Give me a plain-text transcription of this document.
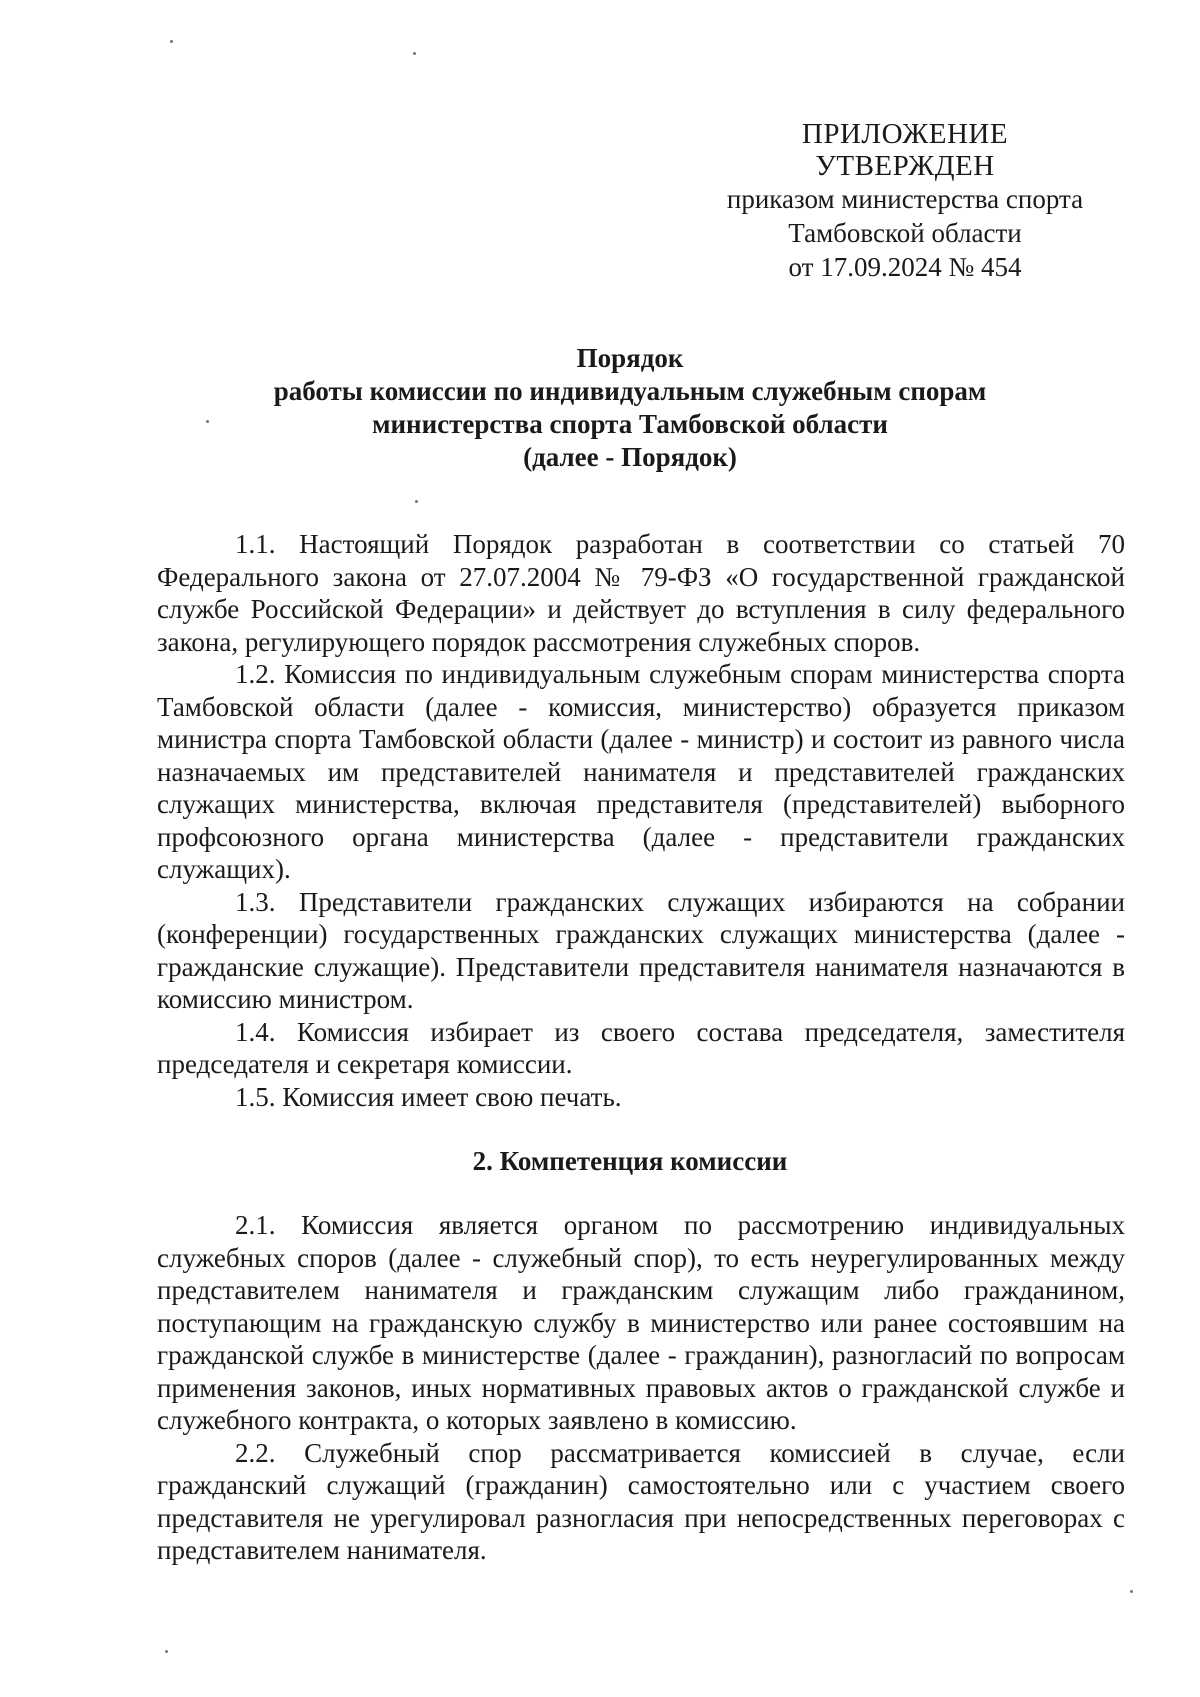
ПРИЛОЖЕНИЕ
УТВЕРЖДЕН
приказом министерства спорта
Тамбовской области
от 17.09.2024 № 454
Порядок
работы комиссии по индивидуальным служебным спорам
министерства спорта Тамбовской области
(далее - Порядок)

1.1. Настоящий Порядок разработан в соответствии со статьей 70 Федерального закона от 27.07.2004 № 79-ФЗ «О государственной гражданской службе Российской Федерации» и действует до вступления в силу федерального закона, регулирующего порядок рассмотрения служебных споров.

1.2. Комиссия по индивидуальным служебным спорам министерства спорта Тамбовской области (далее - комиссия, министерство) образуется приказом министра спорта Тамбовской области (далее - министр) и состоит из равного числа назначаемых им представителей нанимателя и представителей гражданских служащих министерства, включая представителя (представителей) выборного профсоюзного органа министерства (далее - представители гражданских служащих).

1.3. Представители гражданских служащих избираются на собрании (конференции) государственных гражданских служащих министерства (далее - гражданские служащие). Представители представителя нанимателя назначаются в комиссию министром.

1.4. Комиссия избирает из своего состава председателя, заместителя председателя и секретаря комиссии.

1.5. Комиссия имеет свою печать.

2. Компетенция комиссии

2.1. Комиссия является органом по рассмотрению индивидуальных служебных споров (далее - служебный спор), то есть неурегулированных между представителем нанимателя и гражданским служащим либо гражданином, поступающим на гражданскую службу в министерство или ранее состоявшим на гражданской службе в министерстве (далее - гражданин), разногласий по вопросам применения законов, иных нормативных правовых актов о гражданской службе и служебного контракта, о которых заявлено в комиссию.

2.2. Служебный спор рассматривается комиссией в случае, если гражданский служащий (гражданин) самостоятельно или с участием своего представителя не урегулировал разногласия при непосредственных переговорах с представителем нанимателя.
